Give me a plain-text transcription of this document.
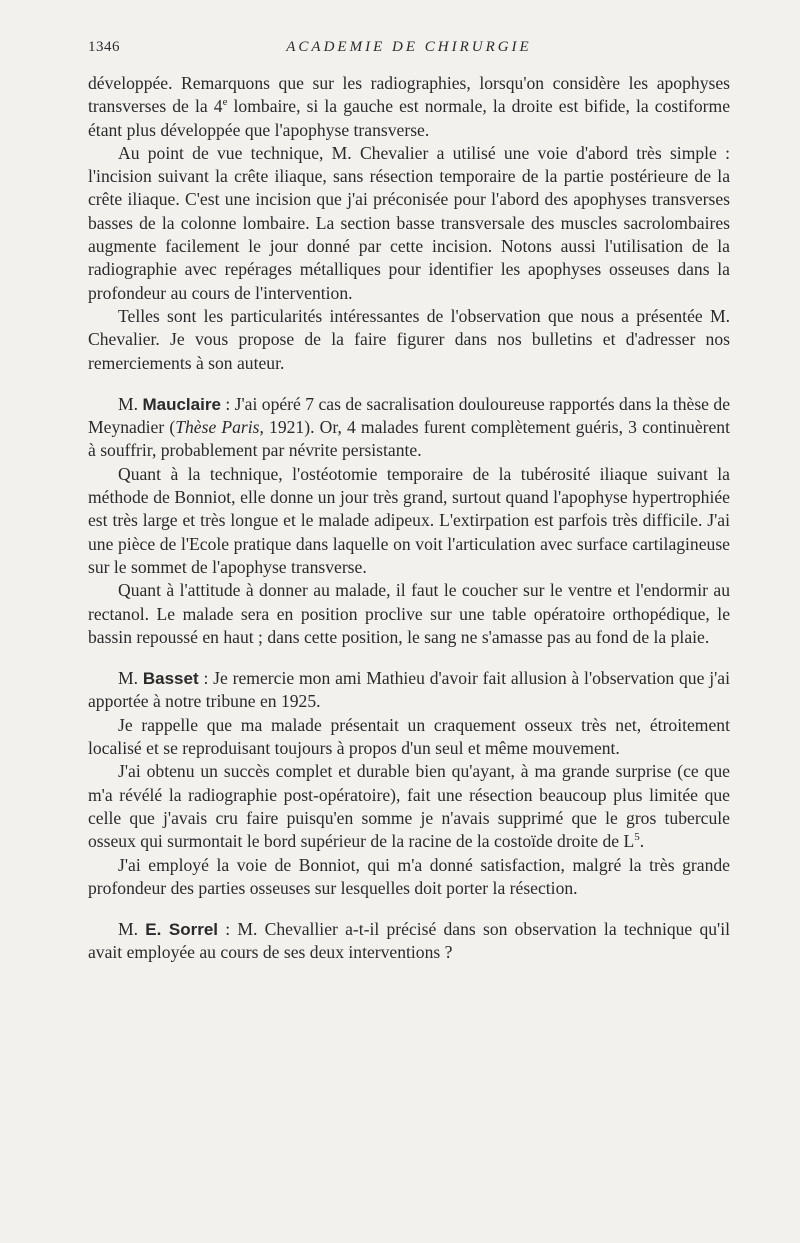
1346	ACADEMIE DE CHIRURGIE

développée. Remarquons que sur les radiographies, lorsqu'on considère les apophyses transverses de la 4e lombaire, si la gauche est normale, la droite est bifide, la costiforme étant plus développée que l'apophyse transverse.

Au point de vue technique, M. Chevalier a utilisé une voie d'abord très simple : l'incision suivant la crête iliaque, sans résection temporaire de la partie postérieure de la crête iliaque. C'est une incision que j'ai préconisée pour l'abord des apophyses transverses basses de la colonne lombaire. La section basse transversale des muscles sacrolombaires augmente facilement le jour donné par cette incision. Notons aussi l'utilisation de la radiographie avec repérages métalliques pour identifier les apophyses osseuses dans la profondeur au cours de l'intervention.

Telles sont les particularités intéressantes de l'observation que nous a présentée M. Chevalier. Je vous propose de la faire figurer dans nos bulletins et d'adresser nos remerciements à son auteur.

M. Mauclaire : J'ai opéré 7 cas de sacralisation douloureuse rapportés dans la thèse de Meynadier (Thèse Paris, 1921). Or, 4 malades furent complètement guéris, 3 continuèrent à souffrir, probablement par névrite persistante.

Quant à la technique, l'ostéotomie temporaire de la tubérosité iliaque suivant la méthode de Bonniot, elle donne un jour très grand, surtout quand l'apophyse hypertrophiée est très large et très longue et le malade adipeux. L'extirpation est parfois très difficile. J'ai une pièce de l'Ecole pratique dans laquelle on voit l'articulation avec surface cartilagineuse sur le sommet de l'apophyse transverse.

Quant à l'attitude à donner au malade, il faut le coucher sur le ventre et l'endormir au rectanol. Le malade sera en position proclive sur une table opératoire orthopédique, le bassin repoussé en haut ; dans cette position, le sang ne s'amasse pas au fond de la plaie.

M. Basset : Je remercie mon ami Mathieu d'avoir fait allusion à l'observation que j'ai apportée à notre tribune en 1925.

Je rappelle que ma malade présentait un craquement osseux très net, étroitement localisé et se reproduisant toujours à propos d'un seul et même mouvement.

J'ai obtenu un succès complet et durable bien qu'ayant, à ma grande surprise (ce que m'a révélé la radiographie post-opératoire), fait une résection beaucoup plus limitée que celle que j'avais cru faire puisqu'en somme je n'avais supprimé que le gros tubercule osseux qui surmontait le bord supérieur de la racine de la costoïde droite de $L^5$.

J'ai employé la voie de Bonniot, qui m'a donné satisfaction, malgré la très grande profondeur des parties osseuses sur lesquelles doit porter la résection.

M. E. Sorrel : M. Chevallier a-t-il précisé dans son observation la technique qu'il avait employée au cours de ses deux interventions ?
